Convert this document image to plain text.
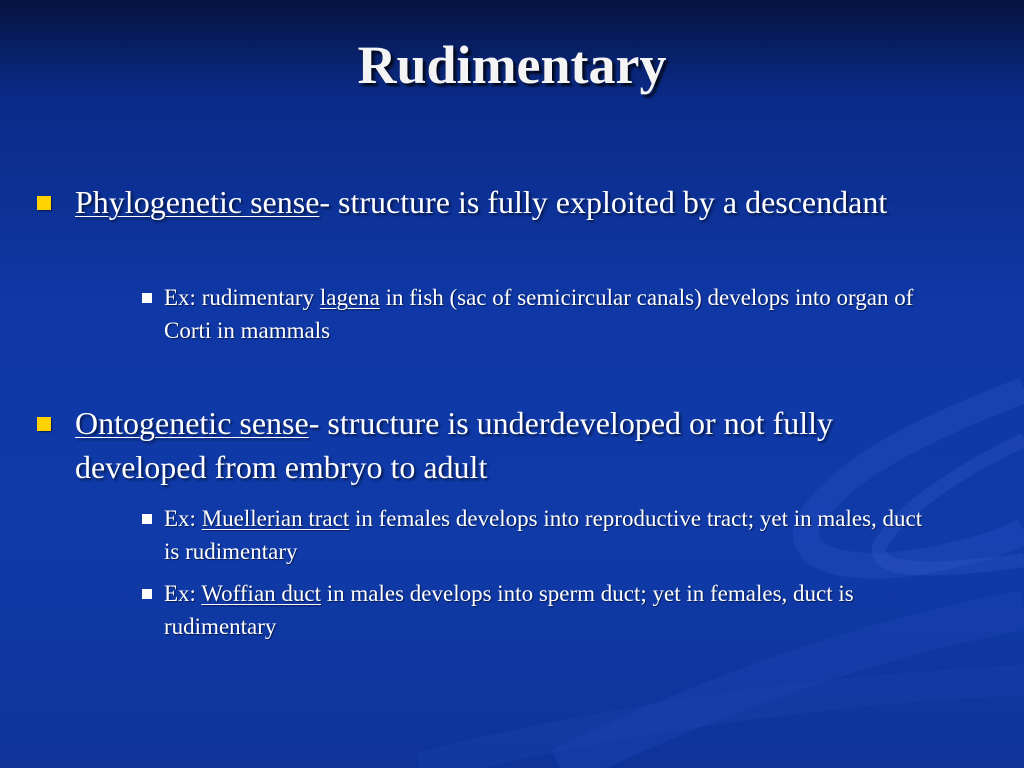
Rudimentary
Phylogenetic sense- structure is fully exploited by a descendant
Ex: rudimentary lagena in fish (sac of semicircular canals) develops into organ of Corti in mammals
Ontogenetic sense- structure is underdeveloped or not fully developed from embryo to adult
Ex: Muellerian tract in females develops into reproductive tract; yet in males, duct is rudimentary
Ex: Woffian duct in males develops into sperm duct; yet in females, duct is rudimentary
